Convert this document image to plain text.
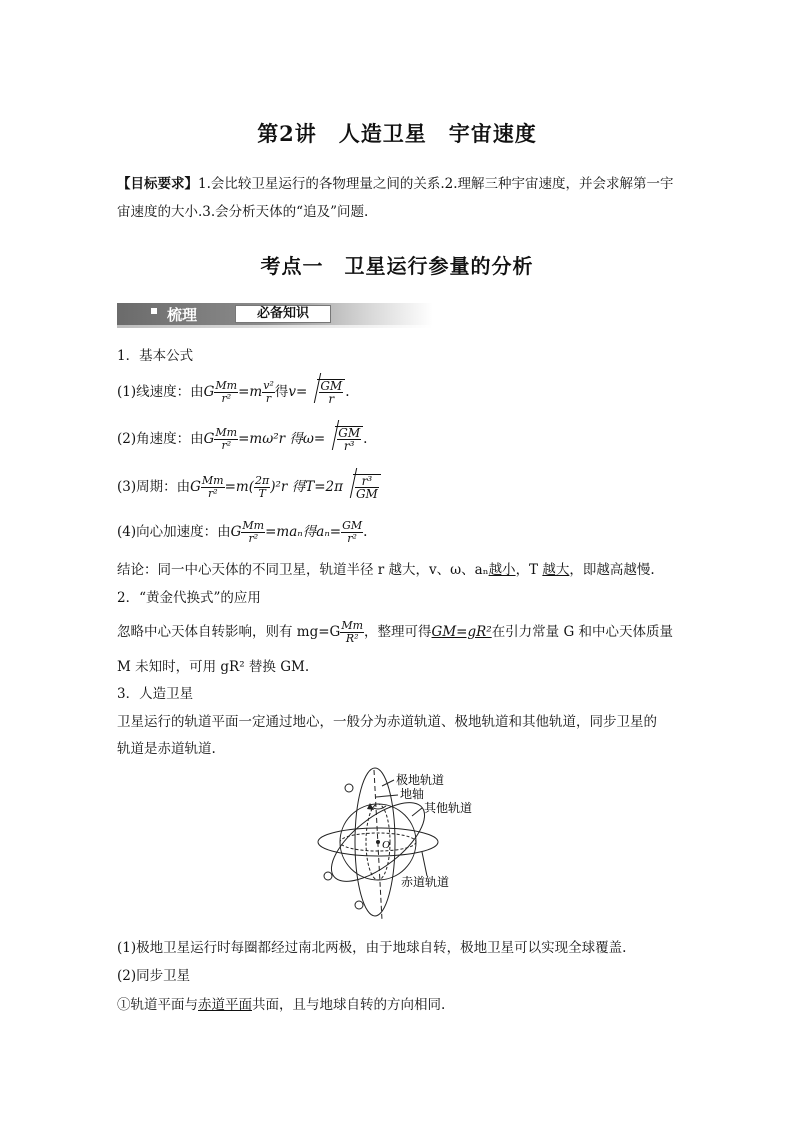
第2讲　人造卫星　宇宙速度
【目标要求】1.会比较卫星运行的各物理量之间的关系.2.理解三种宇宙速度，并会求解第一宇宙速度的大小.3.会分析天体的“追及”问题.
考点一　卫星运行参量的分析
梳理	必备知识
1．基本公式
(1)线速度：由 G $\frac{Mm}{\text{r²}} =m \frac{\text{v²}}{r}$ 得 $v= \frac{GM}{r}$ .
(2)角速度：由 G $\frac{Mm}{\text{r²}} =m\omega^2r$ 得 $\omega= \frac{GM}{\text{r³}}$ .
(3)周期：由 G $\frac{Mm}{\text{r²}} =m( \frac{2\pi}{T} )^2r$ 得 $T=2\pi \frac{\text{r³}}{GM}$
(4)向心加速度：由 G $\frac{Mm}{\text{r²}} =ma_n$得 $a_n= \frac{GM}{\text{r²}}$ .
结论：同一中心天体的不同卫星，轨道半径 r 越大，v、ω、aₙ越小，T 越大，即越高越慢.
2．“黄金代换式”的应用
忽略中心天体自转影响，则有 $mg=G \frac{Mm}{\text{R²}}$ ，整理可得 GM=gR² 在引力常量 G 和中心天体质量
M 未知时，可用 gR² 替换 GM.
3．人造卫星
卫星运行的轨道平面一定通过地心，一般分为赤道轨道、极地轨道和其他轨道，同步卫星的
轨道是赤道轨道.
极地轨道
地轴
其他轨道
赤道轨道
O
(1)极地卫星运行时每圈都经过南北两极，由于地球自转，极地卫星可以实现全球覆盖.
(2)同步卫星
①轨道平面与赤道平面共面，且与地球自转的方向相同.
